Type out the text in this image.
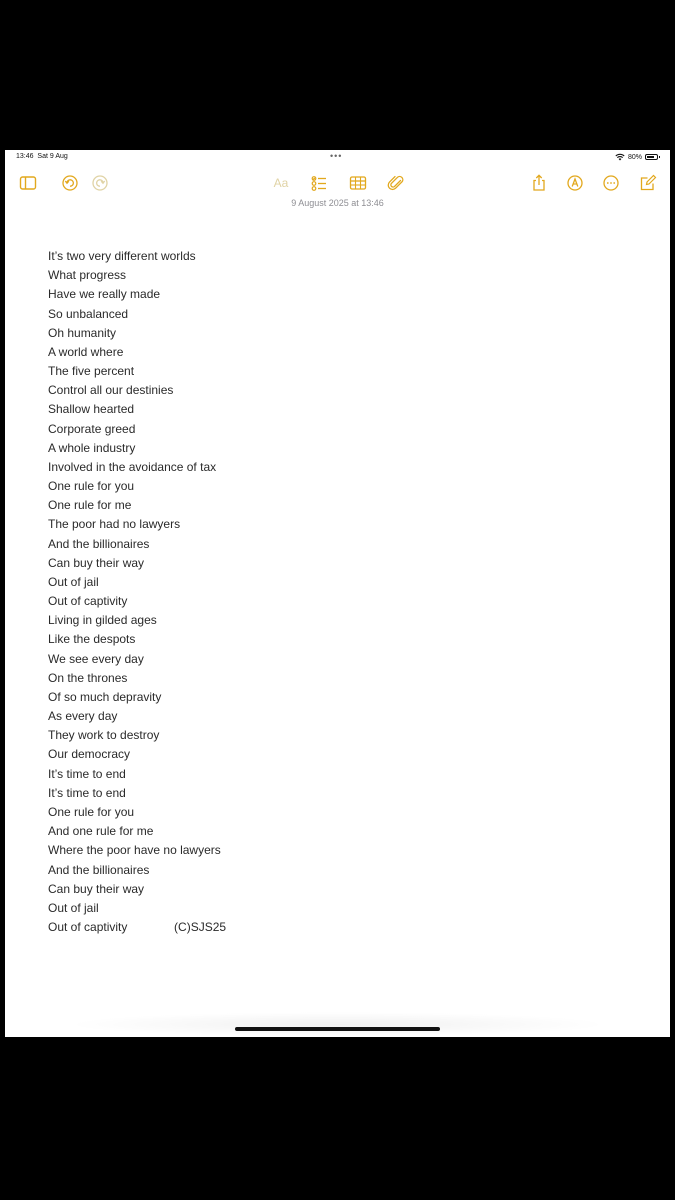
13:46 Sat 9 Aug	•••	80%
Aa
9 August 2025 at 13:46
It’s two very different worlds
What progress
Have we really made
So unbalanced
Oh humanity
A world where
The five percent
Control all our destinies
Shallow hearted
Corporate greed
A whole industry
Involved in the avoidance of tax
One rule for you
One rule for me
The poor had no lawyers
And the billionaires
Can buy their way
Out of jail
Out of captivity
Living in gilded ages
Like the despots
We see every day
On the thrones
Of so much depravity
As every day
They work to destroy
Our democracy
It’s time to end
It’s time to end
One rule for you
And one rule for me
Where the poor have no lawyers
And the billionaires
Can buy their way
Out of jail
Out of captivity              (C)SJS25
